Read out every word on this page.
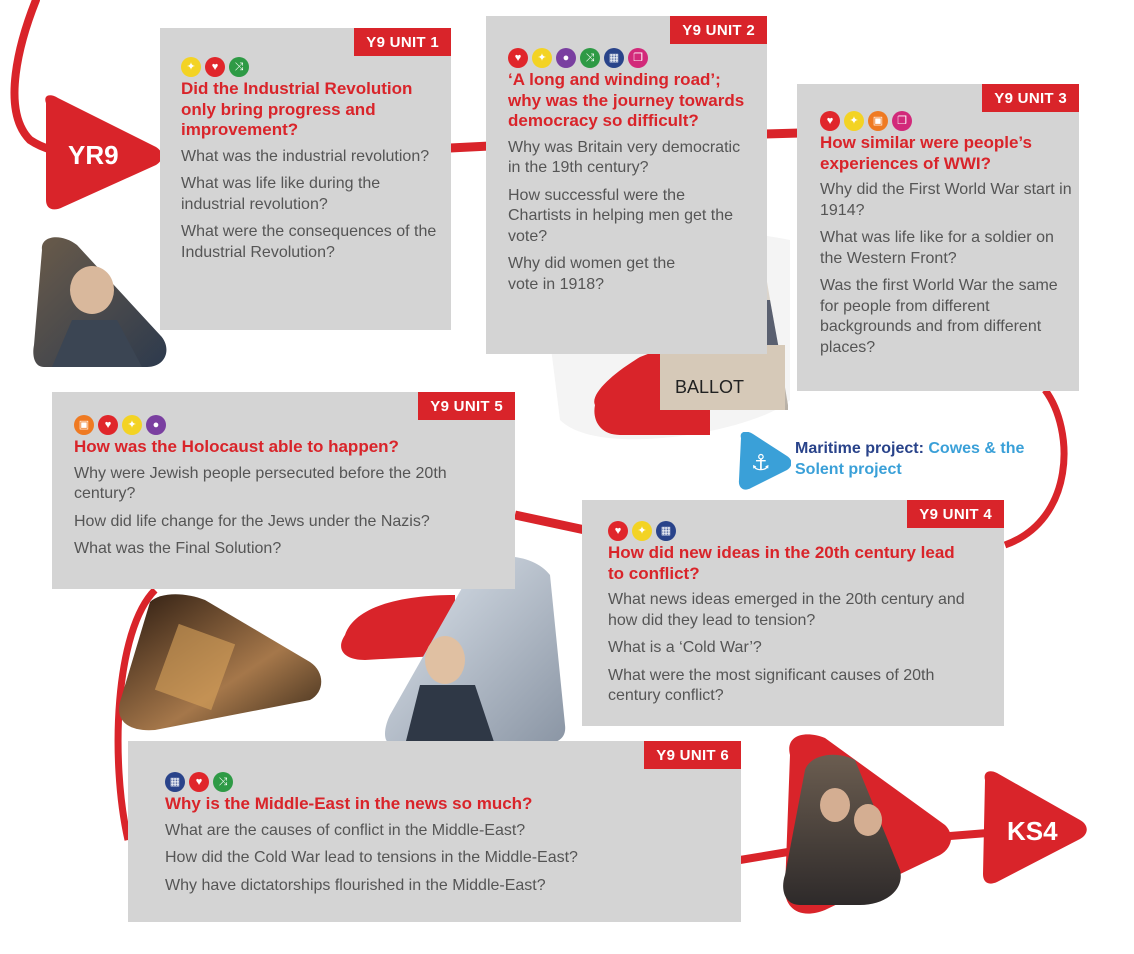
YR9
KS4
BALLOT
Y9 UNIT 1
✦	♥	⤨
Did the Industrial Revolution only bring progress and improvement?
What was the industrial revolution?
What was life like during the industrial revolution?
What were the consequences of the Industrial Revolution?
Y9 UNIT 2
♥	✦	●	⤨	▦	❐
‘A long and winding road’; why was the journey towards democracy so difficult?
Why was Britain very democratic in the 19th century?
How successful were the Chartists in helping men get the vote?
Why did women get the vote in 1918?
Y9 UNIT 3
♥	✦	▣	❐
How similar were people’s experiences of WWI?
Why did the First World War start in 1914?
What was life like for a soldier on the Western Front?
Was the first World War the same for people from different backgrounds and from different places?
Y9 UNIT 5
▣	♥	✦	●
How was the Holocaust able to happen?
Why were Jewish people persecuted before the 20th century?
How did life change for the Jews under the Nazis?
What was the Final Solution?
⚓
Maritime project: Cowes & the Solent project
Y9 UNIT 4
♥	✦	▦
How did new ideas in the 20th century lead to conflict?
What news ideas emerged in the 20th century and how did they lead to tension?
What is a ‘Cold War’?
What were the most significant causes of 20th century conflict?
Y9 UNIT 6
▦	♥	⤨
Why is the Middle-East in the news so much?
What are the causes of conflict in the Middle-East?
How did the Cold War lead to tensions in the Middle-East?
Why have dictatorships flourished in the Middle-East?
